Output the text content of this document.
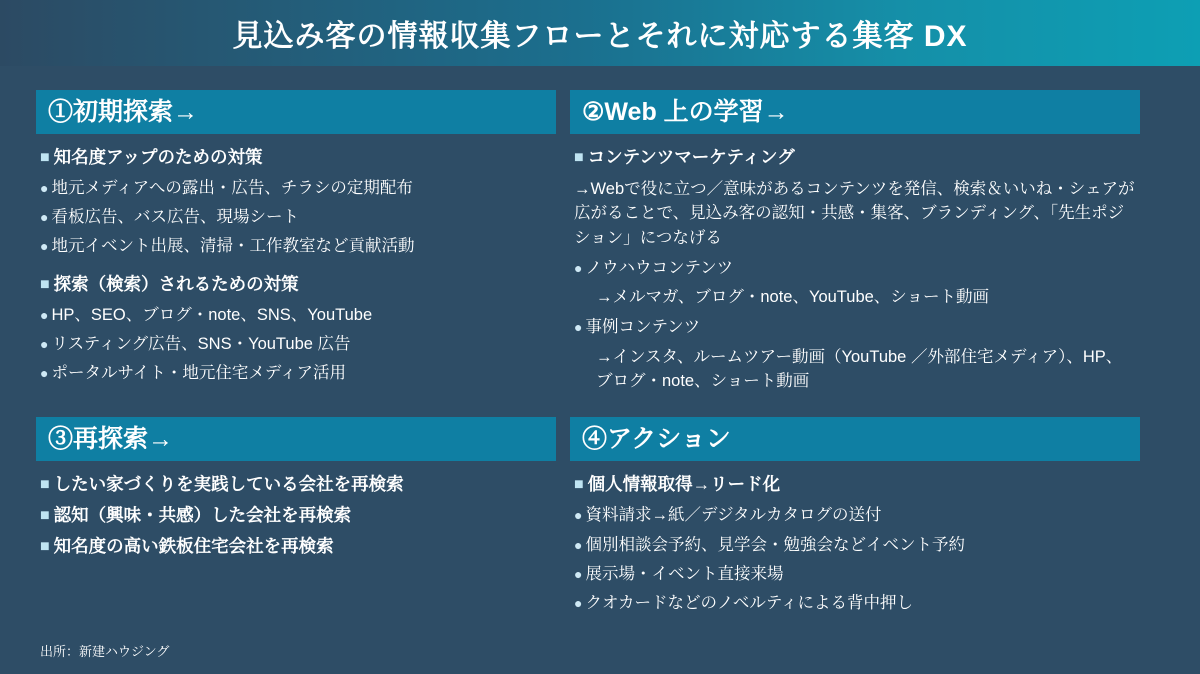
見込み客の情報収集フローとそれに対応する集客 DX
①初期探索→
■ 知名度アップのための対策
● 地元メディアへの露出・広告、チラシの定期配布
● 看板広告、バス広告、現場シート
● 地元イベント出展、清掃・工作教室など貢献活動
■ 探索（検索）されるための対策
● HP、SEO、ブログ・note、SNS、YouTube
● リスティング広告、SNS・YouTube 広告
● ポータルサイト・地元住宅メディア活用
②Web 上の学習→
■ コンテンツマーケティング
→Webで役に立つ／意味があるコンテンツを発信、検索＆いいね・シェアが広がることで、見込み客の認知・共感・集客、ブランディング、「先生ポジション」につなげる
● ノウハウコンテンツ
→メルマガ、ブログ・note、YouTube、ショート動画
● 事例コンテンツ
→インスタ、ルームツアー動画（YouTube ／外部住宅メディア）、HP、ブログ・note、ショート動画
③再探索→
■ したい家づくりを実践している会社を再検索
■ 認知（興味・共感）した会社を再検索
■ 知名度の高い鉄板住宅会社を再検索
④アクション
■ 個人情報取得→リード化
● 資料請求→紙／デジタルカタログの送付
● 個別相談会予約、見学会・勉強会などイベント予約
● 展示場・イベント直接来場
● クオカードなどのノベルティによる背中押し
出所：新建ハウジング
